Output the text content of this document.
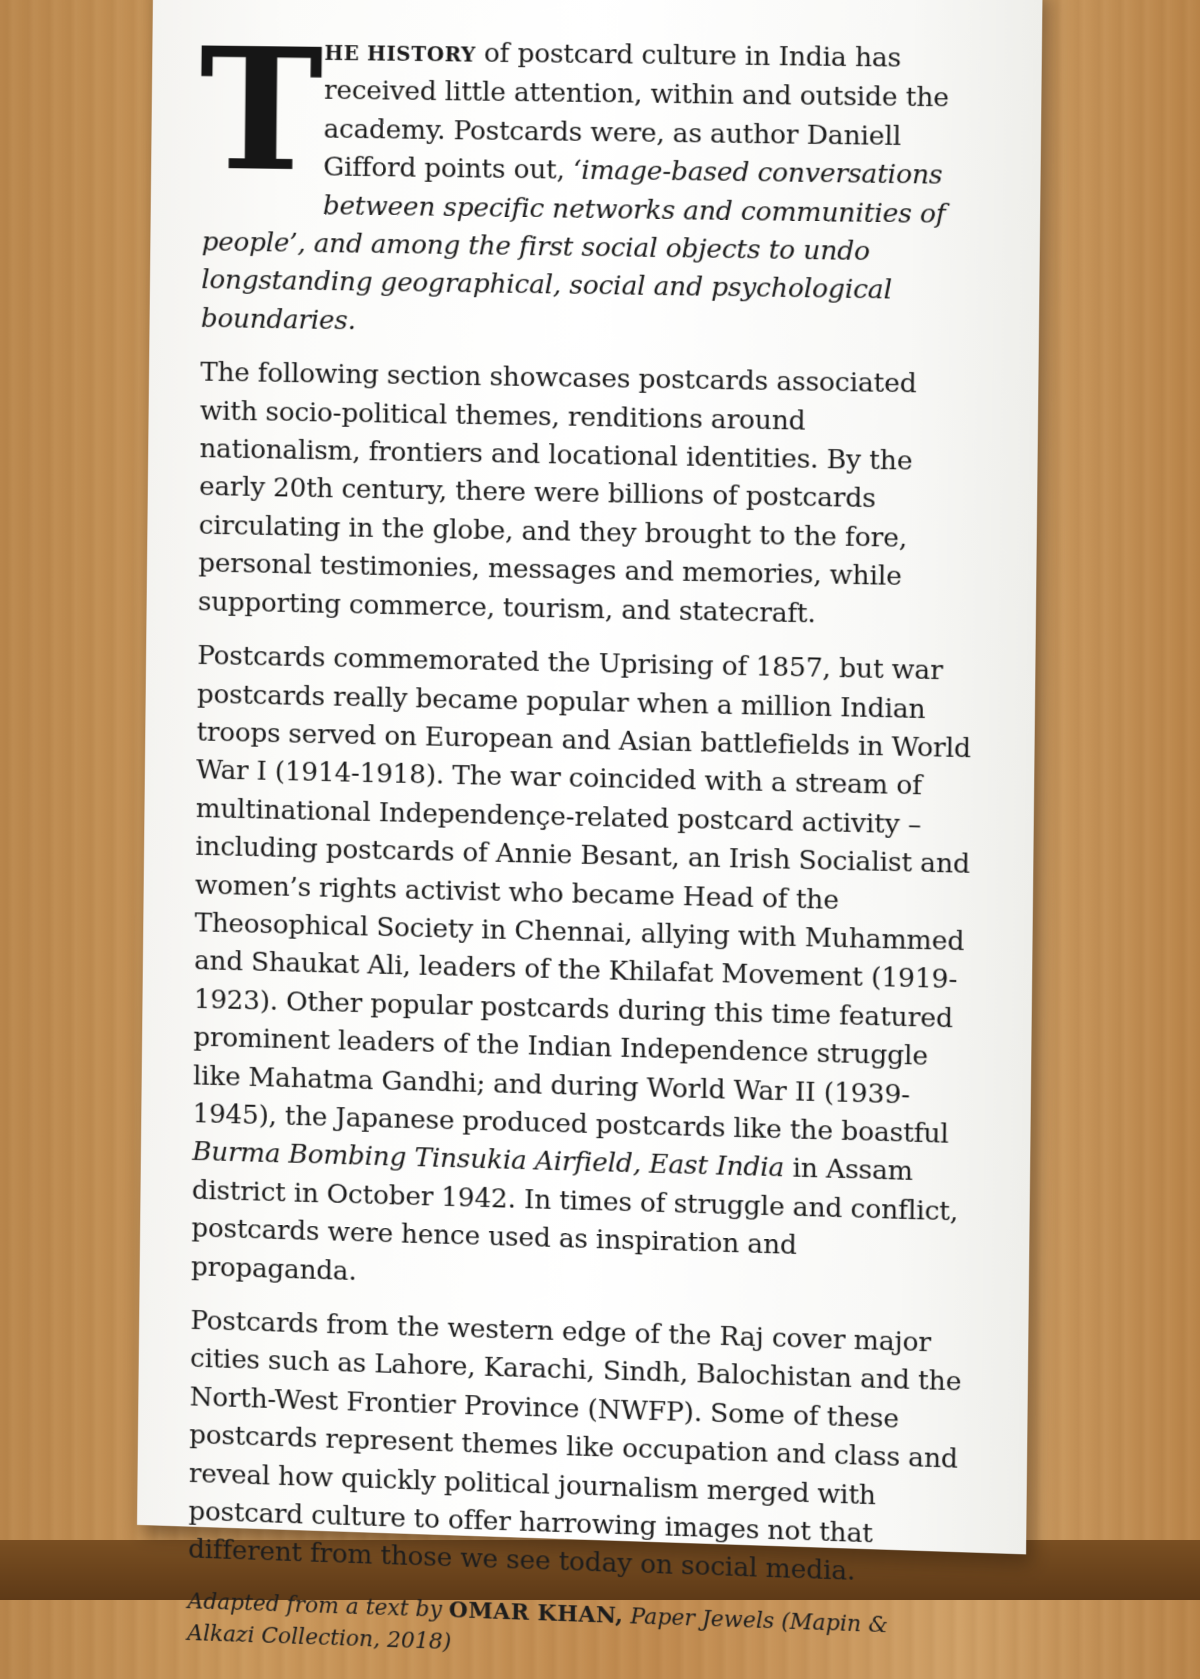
THE HISTORY of postcard culture in India has received little attention, within and outside the academy. Postcards were, as author Daniell Gifford points out, ‘image-based conversations between specific networks and communities of people’, and among the first social objects to undo longstanding geographical, social and psychological boundaries.

The following section showcases postcards associated with socio-political themes, renditions around nationalism, frontiers and locational identities. By the early 20th century, there were billions of postcards circulating in the globe, and they brought to the fore, personal testimonies, messages and memories, while supporting commerce, tourism, and statecraft.

Postcards commemorated the Uprising of 1857, but war postcards really became popular when a million Indian troops served on European and Asian battlefields in World War I (1914-1918). The war coincided with a stream of multinational Independençe-related postcard activity – including postcards of Annie Besant, an Irish Socialist and women’s rights activist who became Head of the Theosophical Society in Chennai, allying with Muhammed and Shaukat Ali, leaders of the Khilafat Movement (1919-1923). Other popular postcards during this time featured prominent leaders of the Indian Independence struggle like Mahatma Gandhi; and during World War II (1939-1945), the Japanese produced postcards like the boastful Burma Bombing Tinsukia Airfield, East India in Assam district in October 1942. In times of struggle and conflict, postcards were hence used as inspiration and propaganda.

Postcards from the western edge of the Raj cover major cities such as Lahore, Karachi, Sindh, Balochistan and the North-West Frontier Province (NWFP). Some of these postcards represent themes like occupation and class and reveal how quickly political journalism merged with postcard culture to offer harrowing images not that different from those we see today on social media.

Adapted from a text by OMAR KHAN, Paper Jewels (Mapin & Alkazi Collection, 2018)
